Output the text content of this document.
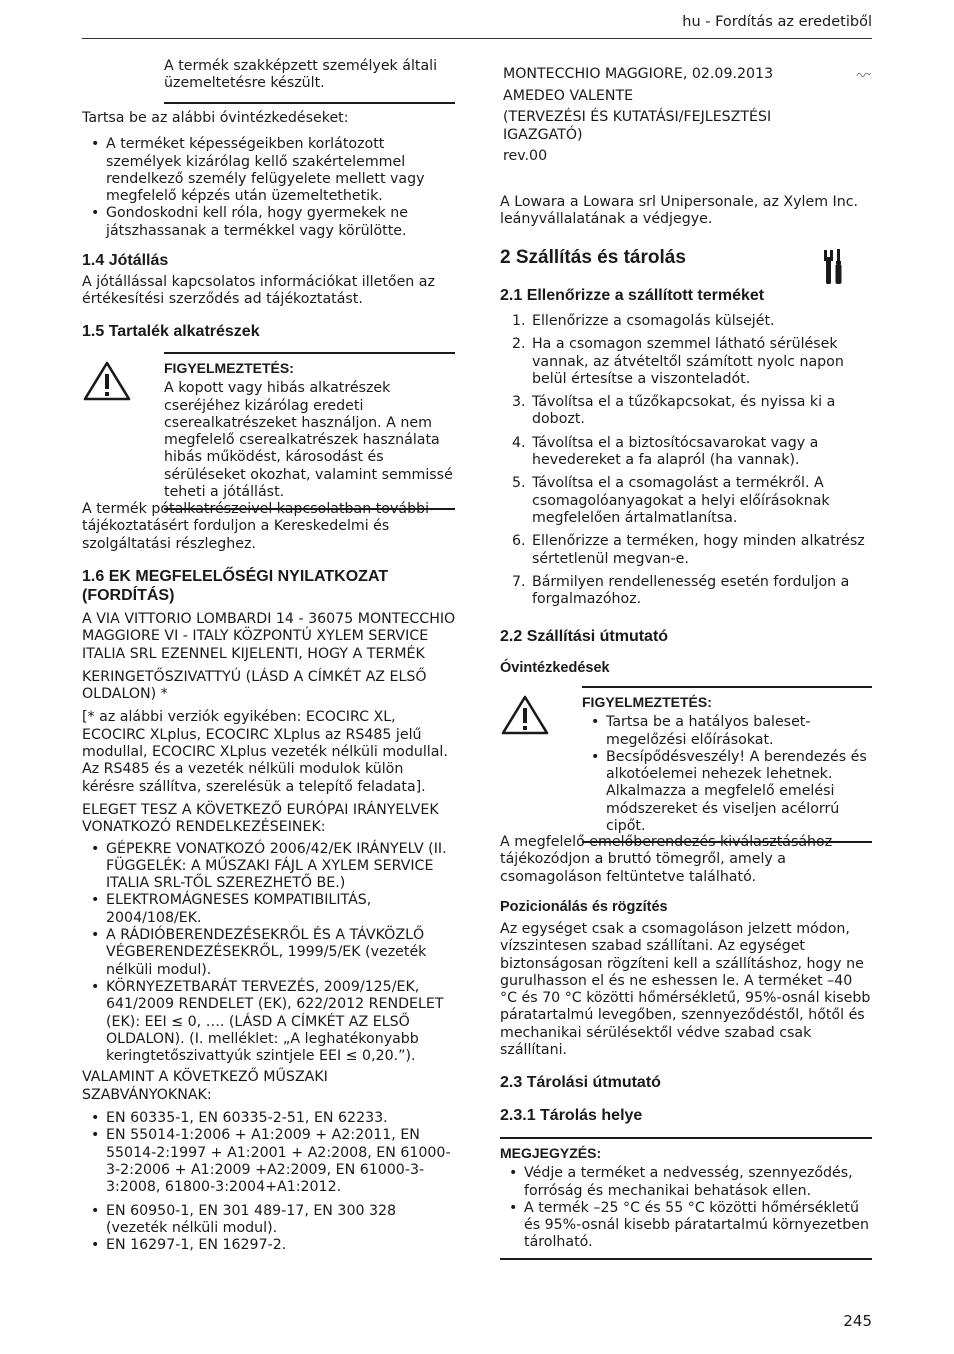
hu - Fordítás az eredetiből

A termék szakképzett személyek általi üzemeltetésre készült.

Tartsa be az alábbi óvintézkedéseket:

• A terméket képességeikben korlátozott személyek kizárólag kellő szakértelemmel rendelkező személy felügyelete mellett vagy megfelelő képzés után üzemeltethetik.
• Gondoskodni kell róla, hogy gyermekek ne játszhassanak a termékkel vagy körülötte.
1.4 Jótállás

A jótállással kapcsolatos információkat illetően az értékesítési szerződés ad tájékoztatást.

1.5 Tartalék alkatrészek
FIGYELMEZTETÉS:

A kopott vagy hibás alkatrészek cseréjéhez kizárólag eredeti cserealkatrészeket használjon. A nem megfelelő cserealkatrészek használata hibás működést, károsodást és sérüléseket okozhat, valamint semmissé teheti a jótállást.

A termék pótalkatrészeivel kapcsolatban további tájékoztatásért forduljon a Kereskedelmi és szolgáltatási részleghez.

1.6 EK MEGFELELŐSÉGI NYILATKOZAT (FORDÍTÁS)

A VIA VITTORIO LOMBARDI 14 - 36075 MONTECCHIO MAGGIORE VI - ITALY KÖZPONTÚ XYLEM SERVICE ITALIA SRL EZENNEL KIJELENTI, HOGY A TERMÉK

KERINGETŐSZIVATTYÚ (LÁSD A CÍMKÉT AZ ELSŐ OLDALON) *

[* az alábbi verziók egyikében: ECOCIRC XL, ECOCIRC XLplus, ECOCIRC XLplus az RS485 jelű modullal, ECOCIRC XLplus vezeték nélküli modullal. Az RS485 és a vezeték nélküli modulok külön kérésre szállítva, szerelésük a telepítő feladata].

ELEGET TESZ A KÖVETKEZŐ EURÓPAI IRÁNYELVEK VONATKOZÓ RENDELKEZÉSEINEK:

• GÉPEKRE VONATKOZÓ 2006/42/EK IRÁNYELV (II. FÜGGELÉK: A MŰSZAKI FÁJL A XYLEM SERVICE ITALIA SRL-TŐL SZEREZHETŐ BE.)
• ELEKTROMÁGNESES KOMPATIBILITÁS, 2004/108/EK.
• A RÁDIÓBERENDEZÉSEKRŐL ÉS A TÁVKÖZLŐ VÉGBERENDEZÉSEKRŐL, 1999/5/EK (vezeték nélküli modul).
• KÖRNYEZETBARÁT TERVEZÉS, 2009/125/EK, 641/2009 RENDELET (EK), 622/2012 RENDELET (EK): EEI ≤ 0, …. (LÁSD A CÍMKÉT AZ ELSŐ OLDALON). (I. melléklet: „A leghatékonyabb keringtetőszivattyúk szintjele EEI ≤ 0,20.”).

VALAMINT A KÖVETKEZŐ MŰSZAKI SZABVÁNYOKNAK:

• EN 60335-1, EN 60335-2-51, EN 62233.
• EN 55014-1:2006 + A1:2009 + A2:2011, EN 55014-2:1997 + A1:2001 + A2:2008, EN 61000-3-2:2006 + A1:2009 +A2:2009, EN 61000-3-3:2008, 61800-3:2004+A1:2012.
• EN 60950-1, EN 301 489-17, EN 300 328 (vezeték nélküli modul).
• EN 16297-1, EN 16297-2.

MONTECCHIO MAGGIORE, 02.09.2013

AMEDEO VALENTE

(TERVEZÉSI ÉS KUTATÁSI/FEJLESZTÉSI IGAZGATÓ)

rev.00

A Lowara a Lowara srl Unipersonale, az Xylem Inc. leányvállalatának a védjegye.

2 Szállítás és tárolás
2.1 Ellenőrizze a szállított terméket
1. Ellenőrizze a csomagolás külsejét.
2. Ha a csomagon szemmel látható sérülések vannak, az átvételtől számított nyolc napon belül értesítse a viszonteladót.
3. Távolítsa el a tűzőkapcsokat, és nyissa ki a dobozt.
4. Távolítsa el a biztosítócsavarokat vagy a hevedereket a fa alapról (ha vannak).
5. Távolítsa el a csomagolást a termékről. A csomagolóanyagokat a helyi előírásoknak megfelelően ártalmatlanítsa.
6. Ellenőrizze a terméken, hogy minden alkatrész sértetlenül megvan-e.
7. Bármilyen rendellenesség esetén forduljon a forgalmazóhoz.
2.2 Szállítási útmutató
Óvintézkedések
FIGYELMEZTETÉS:
• Tartsa be a hatályos baleset-megelőzési előírásokat.
• Becsípődésveszély! A berendezés és alkotóelemei nehezek lehetnek. Alkalmazza a megfelelő emelési módszereket és viseljen acélorrú cipőt.

A megfelelő emelőberendezés kiválasztásához tájékozódjon a bruttó tömegről, amely a csomagoláson feltüntetve található.

Pozicionálás és rögzítés

Az egységet csak a csomagoláson jelzett módon, vízszintesen szabad szállítani. Az egységet biztonságosan rögzíteni kell a szállításhoz, hogy ne gurulhasson el és ne eshessen le. A terméket –40 °C és 70 °C közötti hőmérsékletű, 95%-osnál kisebb páratartalmú levegőben, szennyeződéstől, hőtől és mechanikai sérülésektől védve szabad csak szállítani.

2.3 Tárolási útmutató
2.3.1 Tárolás helye
MEGJEGYZÉS:
• Védje a terméket a nedvesség, szennyeződés, forróság és mechanikai behatások ellen.
• A termék –25 °C és 55 °C közötti hőmérsékletű és 95%-osnál kisebb páratartalmú környezetben tárolható.
245
